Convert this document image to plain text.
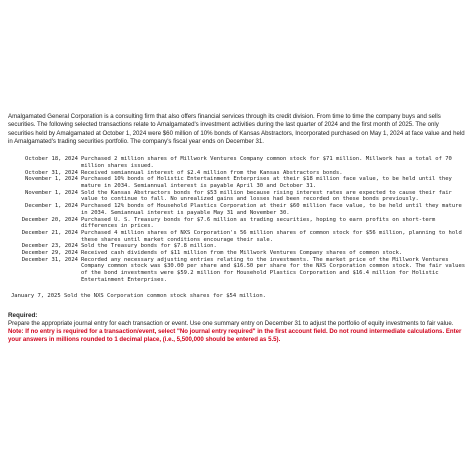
Amalgamated General Corporation is a consulting firm that also offers financial services through its credit division. From time to time the company buys and sells securities. The following selected transactions relate to Amalgamated's investment activities during the last quarter of 2024 and the first month of 2025. The only securities held by Amalgamated at October 1, 2024 were $60 million of 10% bonds of Kansas Abstractors, Incorporated purchased on May 1, 2024 at face value and held in Amalgamated's trading securities portfolio. The company's fiscal year ends on December 31.

October 18, 2024	Purchased 2 million shares of Millwork Ventures Company common stock for $71 million. Millwork has a total of 70 million shares issued.
October 31, 2024	Received semiannual interest of $2.4 million from the Kansas Abstractors bonds.
November 1, 2024	Purchased 10% bonds of Holistic Entertainment Enterprises at their $18 million face value, to be held until they mature in 2034. Semiannual interest is payable April 30 and October 31.
November 1, 2024	Sold the Kansas Abstractors bonds for $53 million because rising interest rates are expected to cause their fair value to continue to fall. No unrealized gains and losses had been recorded on these bonds previously.
December 1, 2024	Purchased 12% bonds of Household Plastics Corporation at their $60 million face value, to be held until they mature in 2034. Semiannual interest is payable May 31 and November 30.
December 20, 2024	Purchased U. S. Treasury bonds for $7.6 million as trading securities, hoping to earn profits on short-term differences in prices.
December 21, 2024	Purchased 4 million shares of NXS Corporation's 56 million shares of common stock for $56 million, planning to hold these shares until market conditions encourage their sale.
December 23, 2024	Sold the Treasury bonds for $7.8 million.
December 29, 2024	Received cash dividends of $11 million from the Millwork Ventures Company shares of common stock.
December 31, 2024	Recorded any necessary adjusting entries relating to the investments. The market price of the Millwork Ventures Company common stock was $30.00 per share and $16.50 per share for the NXS Corporation common stock. The fair values of the bond investments were $59.2 million for Household Plastics Corporation and $16.4 million for Holistic Entertainment Enterprises.
January 7, 2025 Sold the NXS Corporation common stock shares for $54 million.

Required:

Prepare the appropriate journal entry for each transaction or event. Use one summary entry on December 31 to adjust the portfolio of equity investments to fair value.

Note: If no entry is required for a transaction/event, select "No journal entry required" in the first account field. Do not round intermediate calculations. Enter your answers in millions rounded to 1 decimal place, (i.e., 5,500,000 should be entered as 5.5).
